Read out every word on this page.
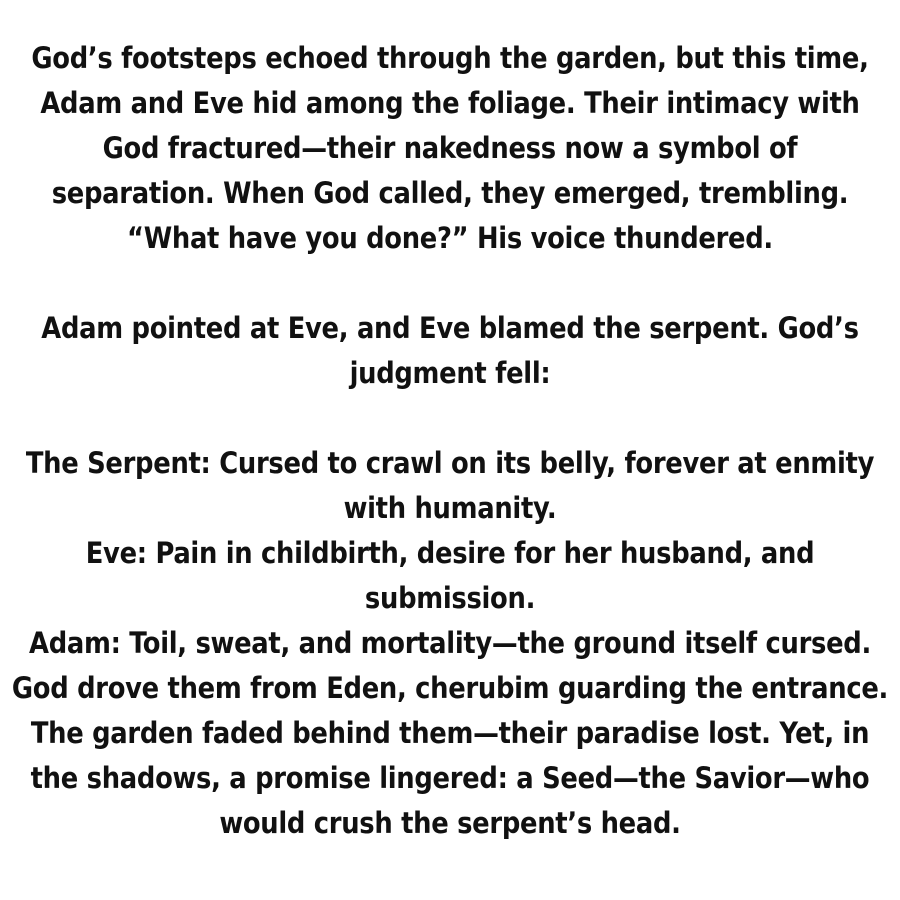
God’s footsteps echoed through the garden, but this time,
Adam and Eve hid among the foliage. Their intimacy with
God fractured—their nakedness now a symbol of
separation. When God called, they emerged, trembling.
“What have you done?” His voice thundered.
Adam pointed at Eve, and Eve blamed the serpent. God’s
judgment fell:
The Serpent: Cursed to crawl on its belly, forever at enmity
with humanity.
Eve: Pain in childbirth, desire for her husband, and
submission.
Adam: Toil, sweat, and mortality—the ground itself cursed.
God drove them from Eden, cherubim guarding the entrance.
The garden faded behind them—their paradise lost. Yet, in
the shadows, a promise lingered: a Seed—the Savior—who
would crush the serpent’s head.
